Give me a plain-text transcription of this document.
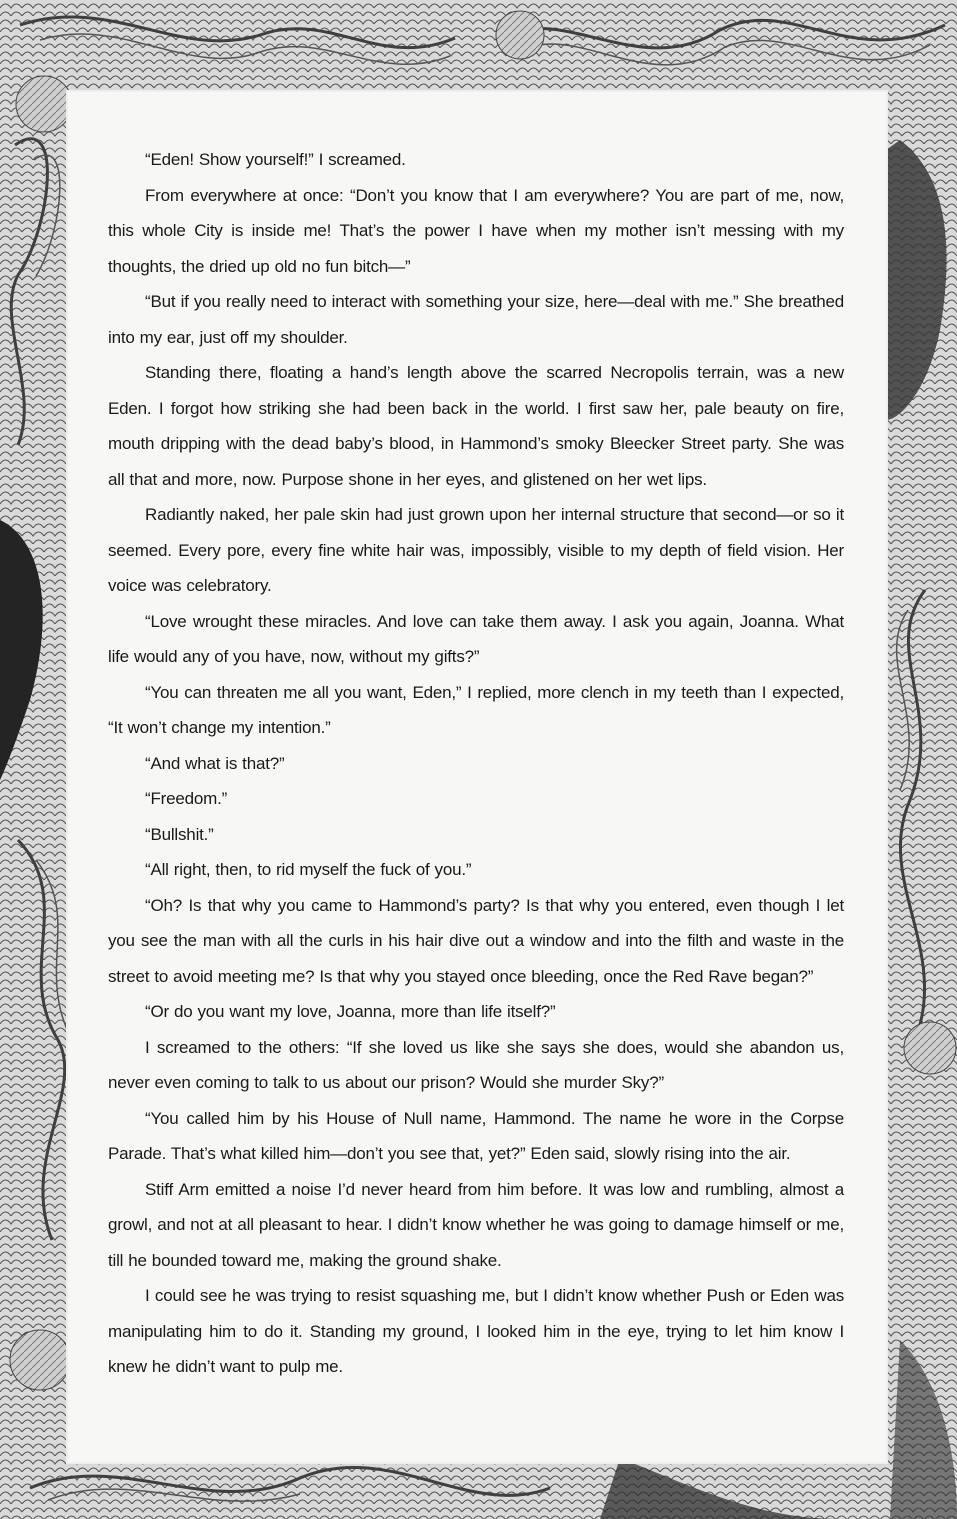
“Eden! Show yourself!” I screamed.

From everywhere at once: “Don’t you know that I am everywhere? You are part of me, now, this whole City is inside me! That’s the power I have when my mother isn’t messing with my thoughts, the dried up old no fun bitch—”

“But if you really need to interact with something your size, here—deal with me.” She breathed into my ear, just off my shoulder.

Standing there, floating a hand’s length above the scarred Necropolis terrain, was a new Eden. I forgot how striking she had been back in the world. I first saw her, pale beauty on fire, mouth dripping with the dead baby’s blood, in Hammond’s smoky Bleecker Street party. She was all that and more, now. Purpose shone in her eyes, and glistened on her wet lips.

Radiantly naked, her pale skin had just grown upon her internal structure that second—or so it seemed. Every pore, every fine white hair was, impossibly, visible to my depth of field vision. Her voice was celebratory.

“Love wrought these miracles. And love can take them away. I ask you again, Joanna. What life would any of you have, now, without my gifts?”

“You can threaten me all you want, Eden,” I replied, more clench in my teeth than I expected, “It won’t change my intention.”

“And what is that?”

“Freedom.”

“Bullshit.”

“All right, then, to rid myself the fuck of you.”

“Oh? Is that why you came to Hammond’s party? Is that why you entered, even though I let you see the man with all the curls in his hair dive out a window and into the filth and waste in the street to avoid meeting me? Is that why you stayed once bleeding, once the Red Rave began?”

“Or do you want my love, Joanna, more than life itself?”

I screamed to the others: “If she loved us like she says she does, would she abandon us, never even coming to talk to us about our prison? Would she murder Sky?”

“You called him by his House of Null name, Hammond. The name he wore in the Corpse Parade. That’s what killed him—don’t you see that, yet?” Eden said, slowly rising into the air.

Stiff Arm emitted a noise I’d never heard from him before. It was low and rumbling, almost a growl, and not at all pleasant to hear. I didn’t know whether he was going to damage himself or me, till he bounded toward me, making the ground shake.

I could see he was trying to resist squashing me, but I didn’t know whether Push or Eden was manipulating him to do it. Standing my ground, I looked him in the eye, trying to let him know I knew he didn’t want to pulp me.
